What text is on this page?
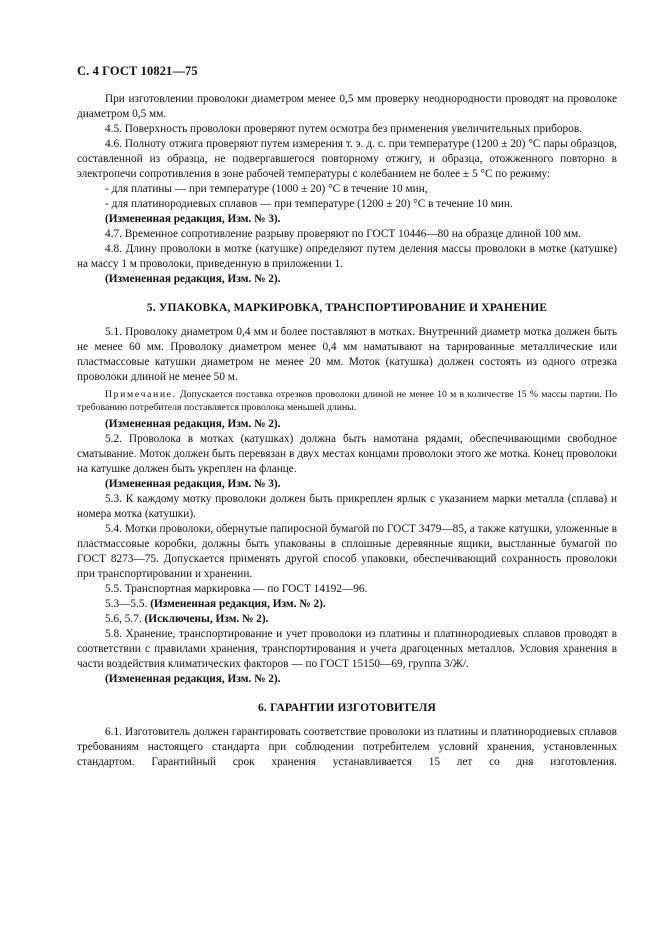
С. 4 ГОСТ 10821—75

При изготовлении проволоки диаметром менее 0,5 мм проверку неоднородности проводят на проволоке диаметром 0,5 мм.

4.5. Поверхность проволоки проверяют путем осмотра без применения увеличительных приборов.

4.6. Полноту отжига проверяют путем измерения т. э. д. с. при температуре (1200 ± 20) °С пары образцов, составленной из образца, не подвергавшегося повторному отжигу, и образца, отожженного повторно в электропечи сопротивления в зоне рабочей температуры с колебанием не более ± 5 °С по режиму:

- для платины — при температуре (1000 ± 20) °С в течение 10 мин,

- для платинородиевых сплавов — при температуре (1200 ± 20) °С в течение 10 мин.

(Измененная редакция, Изм. № 3).

4.7. Временное сопротивление разрыву проверяют по ГОСТ 10446—80 на образце длиной 100 мм.

4.8. Длину проволоки в мотке (катушке) определяют путем деления массы проволоки в мотке (катушке) на массу 1 м проволоки, приведенную в приложении 1.

(Измененная редакция, Изм. № 2).

5. УПАКОВКА, МАРКИРОВКА, ТРАНСПОРТИРОВАНИЕ И ХРАНЕНИЕ

5.1. Проволоку диаметром 0,4 мм и более поставляют в мотках. Внутренний диаметр мотка должен быть не менее 60 мм. Проволоку диаметром менее 0,4 мм наматывают на тарированные металлические или пластмассовые катушки диаметром не менее 20 мм. Моток (катушка) должен состоять из одного отрезка проволоки длиной не менее 50 м.

Примечание. Допускается поставка отрезков проволоки длиной не менее 10 м в количестве 15 % массы партии. По требованию потребителя поставляется проволока меньшей длины.

(Измененная редакция, Изм. № 2).

5.2. Проволока в мотках (катушках) должна быть намотана рядами, обеспечивающими свободное сматывание. Моток должен быть перевязан в двух местах концами проволоки этого же мотка. Конец проволоки на катушке должен быть укреплен на фланце.

(Измененная редакция, Изм. № 3).

5.3. К каждому мотку проволоки должен быть прикреплен ярлык с указанием марки металла (сплава) и номера мотка (катушки).

5.4. Мотки проволоки, обернутые папиросной бумагой по ГОСТ 3479—85, а также катушки, уложенные в пластмассовые коробки, должны быть упакованы в сплошные деревянные ящики, выстланные бумагой по ГОСТ 8273—75. Допускается применять другой способ упаковки, обеспечивающий сохранность проволоки при транспортировании и хранении.

5.5. Транспортная маркировка — по ГОСТ 14192—96.

5.3—5.5. (Измененная редакция, Изм. № 2).

5.6, 5.7. (Исключены, Изм. № 2).

5.8. Хранение, транспортирование и учет проволоки из платины и платинородиевых сплавов проводят в соответствии с правилами хранения, транспортирования и учета драгоценных металлов. Условия хранения в части воздействия климатических факторов — по ГОСТ 15150—69, группа 3/Ж/.

(Измененная редакция, Изм. № 2).

6. ГАРАНТИИ ИЗГОТОВИТЕЛЯ

6.1. Изготовитель должен гарантировать соответствие проволоки из платины и платинородиевых сплавов требованиям настоящего стандарта при соблюдении потребителем условий хранения, установленных стандартом. Гарантийный срок хранения устанавливается 15 лет со дня изготовления.
